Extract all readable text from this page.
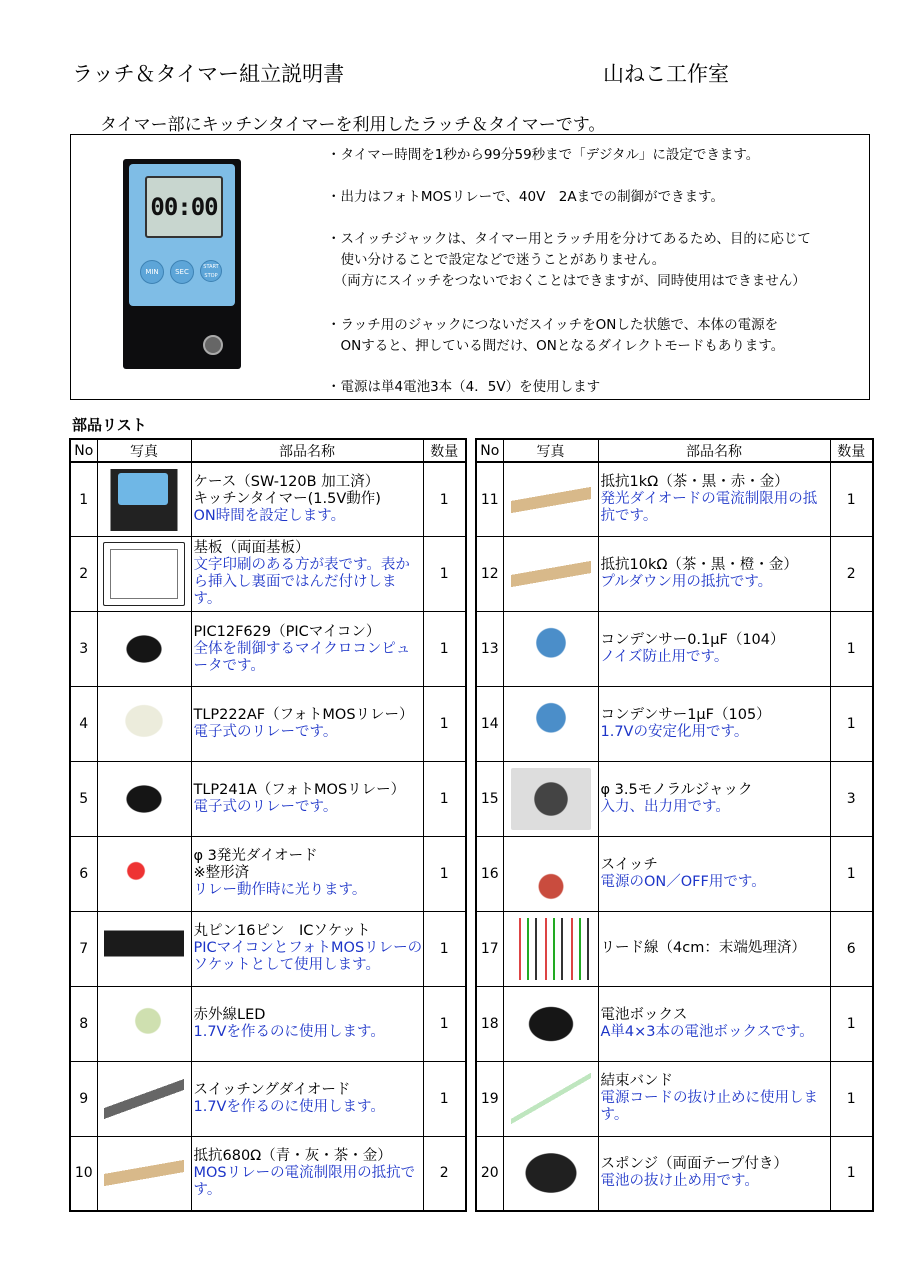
ラッチ＆タイマー組立説明書	山ねこ工作室
タイマー部にキッチンタイマーを利用したラッチ＆タイマーです。
00:00
MIN	SEC
START STOP
・タイマー時間を1秒から99分59秒まで「デジタル」に設定できます。
・出力はフォトMOSリレーで、40V　2Aまでの制御ができます。
・スイッチジャックは、タイマー用とラッチ用を分けてあるため、目的に応じて
　使い分けることで設定などで迷うことがありません。
　（両方にスイッチをつないでおくことはできますが、同時使用はできません）
・ラッチ用のジャックにつないだスイッチをONした状態で、本体の電源を
　ONすると、押している間だけ、ONとなるダイレクトモードもあります。
・電源は単4電池3本（4．5V）を使用します
部品リスト
No	写真	部品名称	数量
1		ケース（SW-120B 加工済）
キッチンタイマー(1.5V動作)
ON時間を設定します。	1
2		基板（両面基板）
文字印刷のある方が表です。表から挿入し裏面ではんだ付けします。	1
3		PIC12F629（PICマイコン）
全体を制御するマイクロコンピュータです。	1
4		TLP222AF（フォトMOSリレー）
電子式のリレーです。	1
5		TLP241A（フォトMOSリレー）
電子式のリレーです。	1
6		φ 3発光ダイオード
※整形済
リレー動作時に光ります。	1
7		丸ピン16ピン　ICソケット
PICマイコンとフォトMOSリレーのソケットとして使用します。	1
8		赤外線LED
1.7Vを作るのに使用します。	1
9		スイッチングダイオード
1.7Vを作るのに使用します。	1
10		抵抗680Ω（青・灰・茶・金）
MOSリレーの電流制限用の抵抗です。	2
No	写真	部品名称	数量
11		抵抗1kΩ（茶・黒・赤・金）
発光ダイオードの電流制限用の抵抗です。	1
12		抵抗10kΩ（茶・黒・橙・金）
プルダウン用の抵抗です。	2
13		コンデンサー0.1μF（104）
ノイズ防止用です。	1
14		コンデンサー1μF（105）
1.7Vの安定化用です。	1
15		φ 3.5モノラルジャック
入力、出力用です。	3
16		スイッチ
電源のON／OFF用です。	1
17		リード線（4cm：末端処理済）	6
18		電池ボックス
A単4×3本の電池ボックスです。	1
19		結束バンド
電源コードの抜け止めに使用します。	1
20		スポンジ（両面テープ付き）
電池の抜け止め用です。	1
